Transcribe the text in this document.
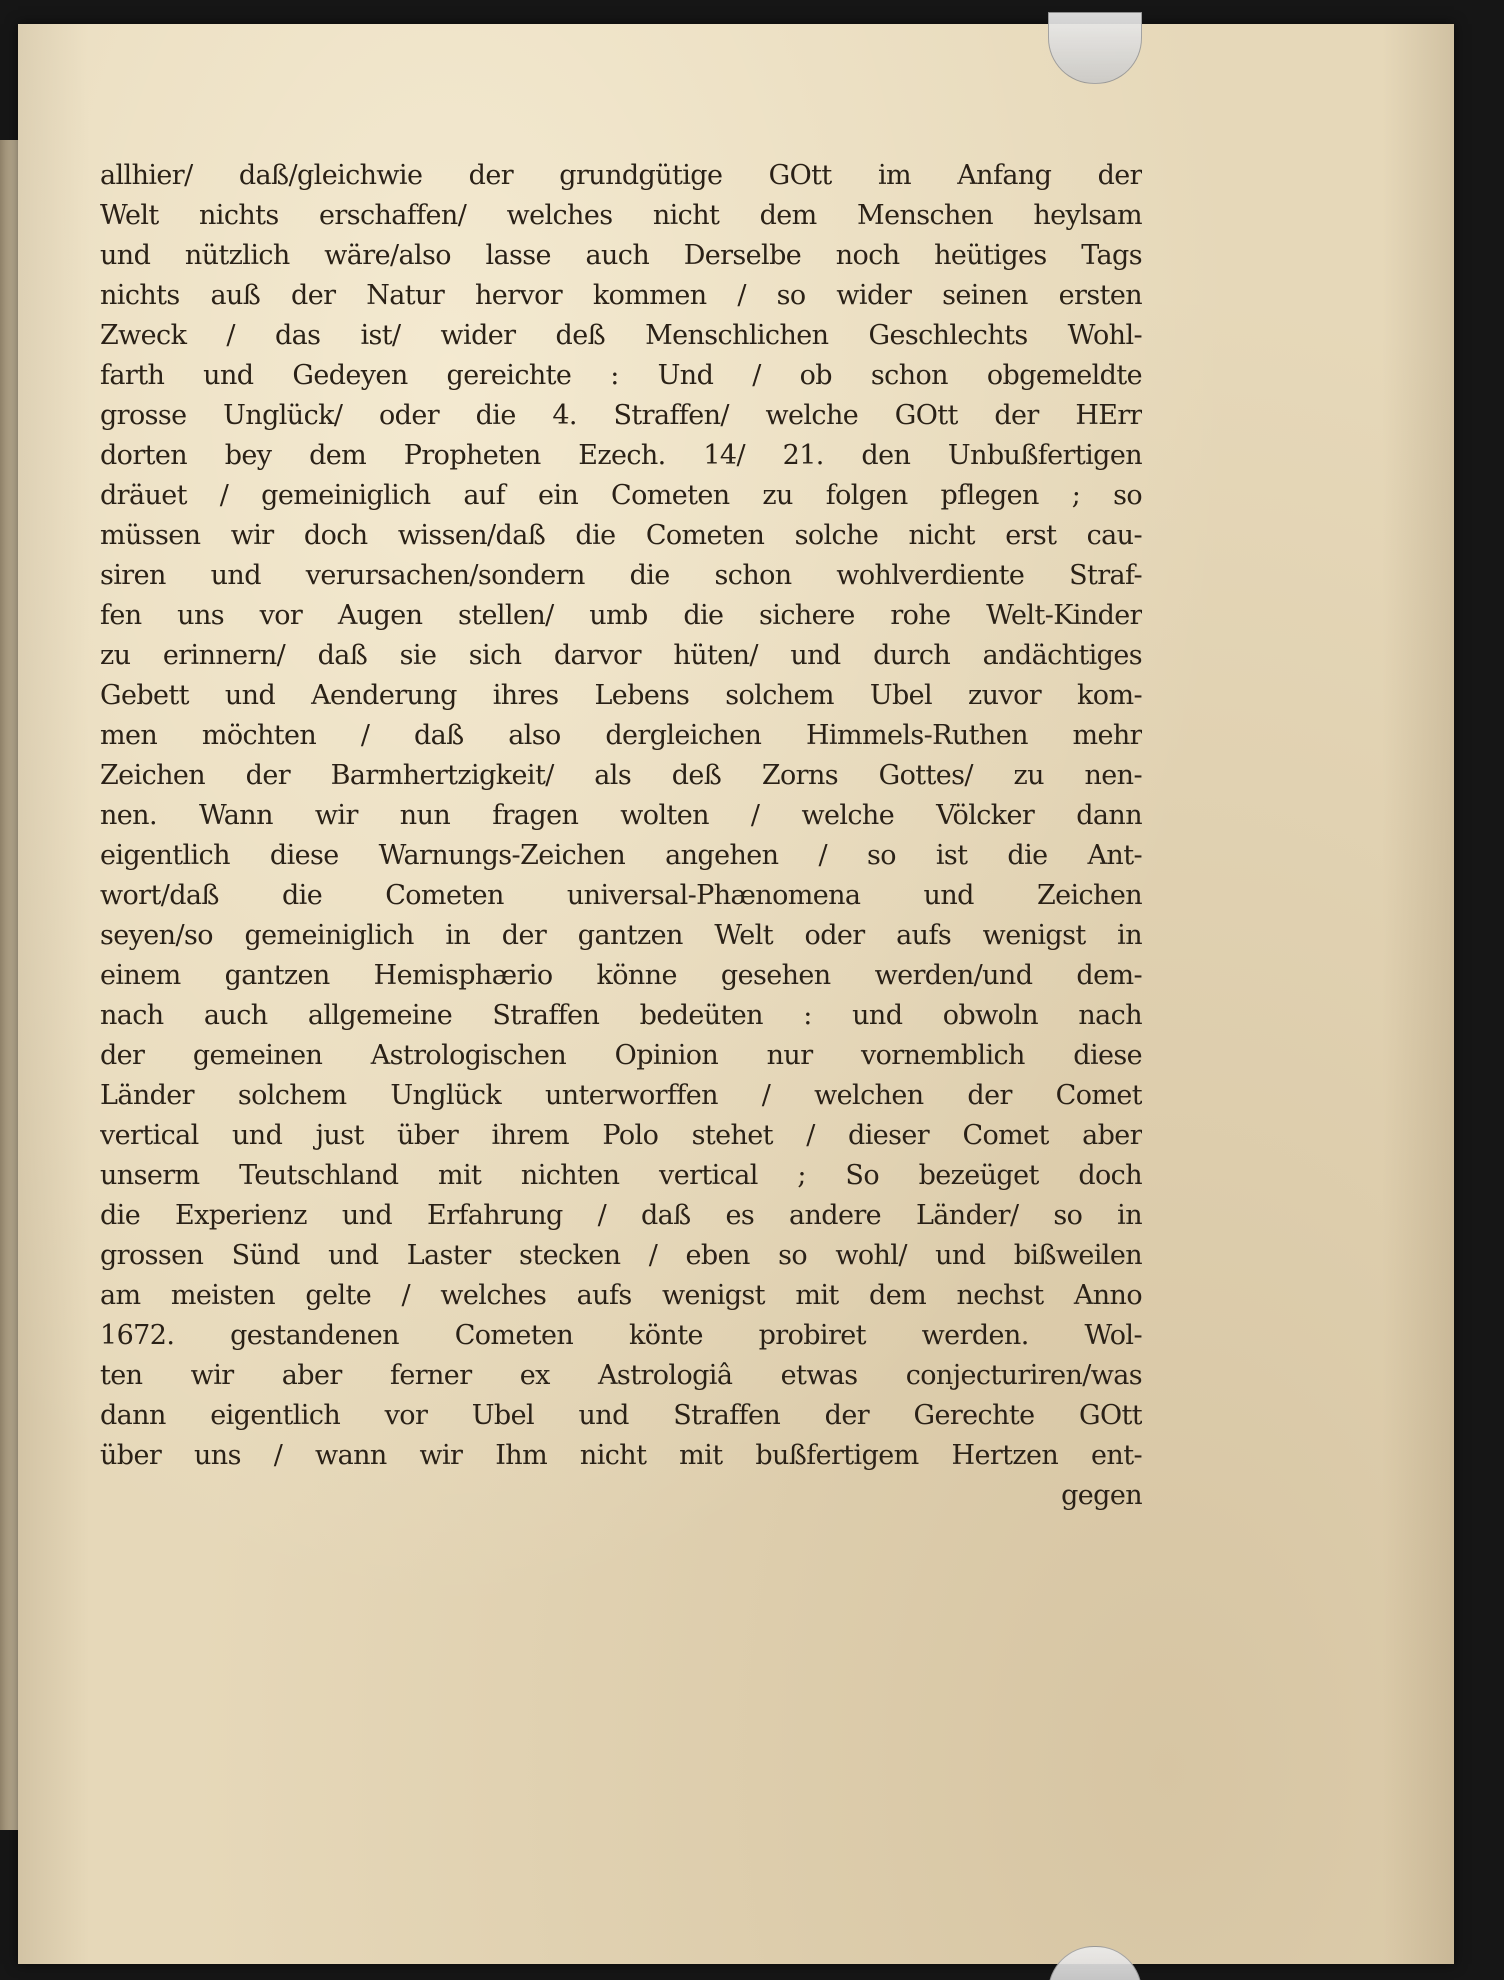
allhier/ daß/gleichwie der grundgütige GOtt im Anfang der
Welt nichts erschaffen/ welches nicht dem Menschen heylsam
und nützlich wäre/also lasse auch Derselbe noch heütiges Tags
nichts auß der Natur hervor kommen / so wider seinen ersten
Zweck / das ist/ wider deß Menschlichen Geschlechts Wohl-
farth und Gedeyen gereichte : Und / ob schon obgemeldte
grosse Unglück/ oder die 4. Straffen/ welche GOtt der HErr
dorten bey dem Propheten Ezech. 14/ 21. den Unbußfertigen
dräuet / gemeiniglich auf ein Cometen zu folgen pflegen ; so
müssen wir doch wissen/daß die Cometen solche nicht erst cau-
siren und verursachen/sondern die schon wohlverdiente Straf-
fen uns vor Augen stellen/ umb die sichere rohe Welt-Kinder
zu erinnern/ daß sie sich darvor hüten/ und durch andächtiges
Gebett und Aenderung ihres Lebens solchem Ubel zuvor kom-
men möchten / daß also dergleichen Himmels-Ruthen mehr
Zeichen der Barmhertzigkeit/ als deß Zorns Gottes/ zu nen-
nen. Wann wir nun fragen wolten / welche Völcker dann
eigentlich diese Warnungs-Zeichen angehen / so ist die Ant-
wort/daß die Cometen universal-Phænomena und Zeichen
seyen/so gemeiniglich in der gantzen Welt oder aufs wenigst in
einem gantzen Hemisphærio könne gesehen werden/und dem-
nach auch allgemeine Straffen bedeüten : und obwoln nach
der gemeinen Astrologischen Opinion nur vornemblich diese
Länder solchem Unglück unterworffen / welchen der Comet
vertical und just über ihrem Polo stehet / dieser Comet aber
unserm Teutschland mit nichten vertical ; So bezeüget doch
die Experienz und Erfahrung / daß es andere Länder/ so in
grossen Sünd und Laster stecken / eben so wohl/ und bißweilen
am meisten gelte / welches aufs wenigst mit dem nechst Anno
1672. gestandenen Cometen könte probiret werden. Wol-
ten wir aber ferner ex Astrologiâ etwas conjecturiren/was
dann eigentlich vor Ubel und Straffen der Gerechte GOtt
über uns / wann wir Ihm nicht mit bußfertigem Hertzen ent-
gegen
